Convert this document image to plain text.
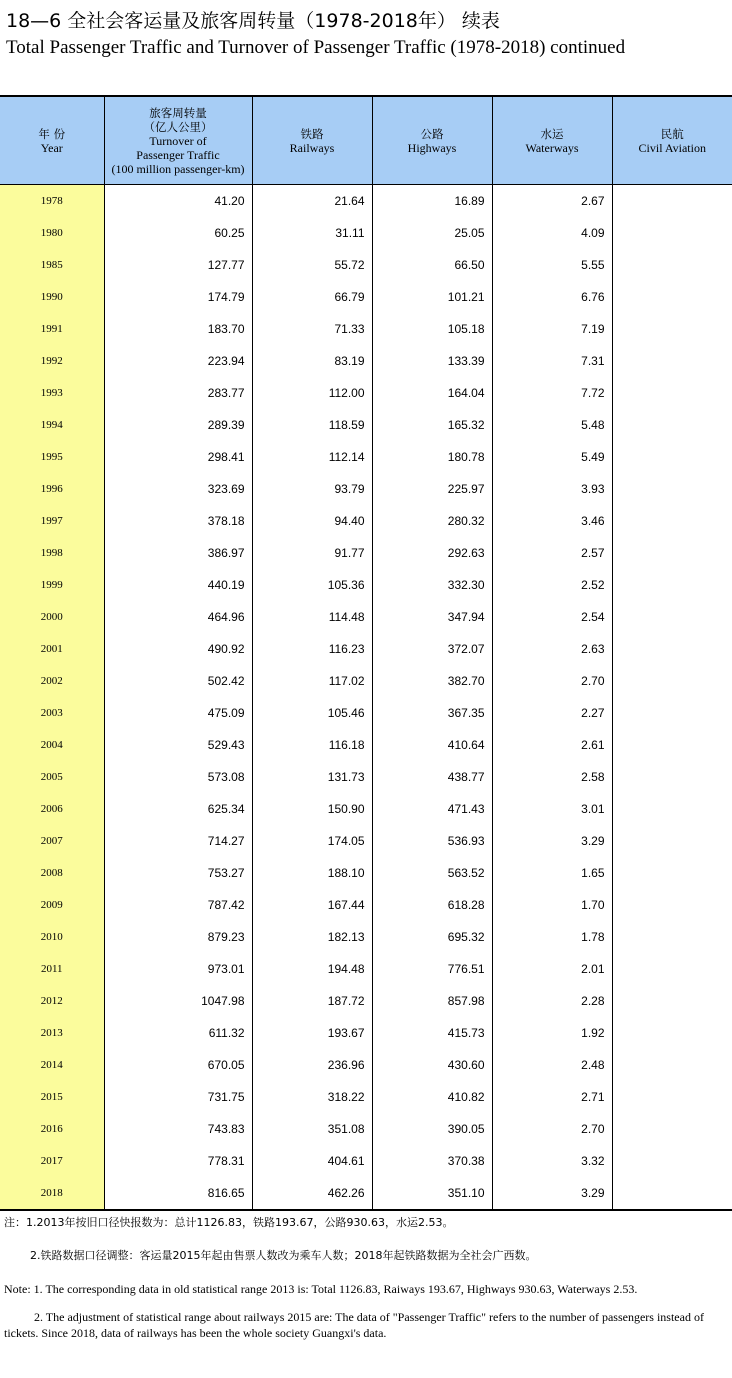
18—6 全社会客运量及旅客周转量（1978-2018年） 续表
Total Passenger Traffic and Turnover of Passenger Traffic (1978-2018) continued
年 份
Year	旅客周转量
（亿人公里）
Turnover of
Passenger Traffic
(100 million passenger-km)	铁路
Railways	公路
Highways	水运
Waterways	民航
Civil Aviation

1978	41.20	21.64	16.89	2.67	
1980	60.25	31.11	25.05	4.09	
1985	127.77	55.72	66.50	5.55	
1990	174.79	66.79	101.21	6.76	
1991	183.70	71.33	105.18	7.19	
1992	223.94	83.19	133.39	7.31	
1993	283.77	112.00	164.04	7.72	
1994	289.39	118.59	165.32	5.48	
1995	298.41	112.14	180.78	5.49	
1996	323.69	93.79	225.97	3.93	
1997	378.18	94.40	280.32	3.46	
1998	386.97	91.77	292.63	2.57	
1999	440.19	105.36	332.30	2.52	
2000	464.96	114.48	347.94	2.54	
2001	490.92	116.23	372.07	2.63	
2002	502.42	117.02	382.70	2.70	
2003	475.09	105.46	367.35	2.27	
2004	529.43	116.18	410.64	2.61	
2005	573.08	131.73	438.77	2.58	
2006	625.34	150.90	471.43	3.01	
2007	714.27	174.05	536.93	3.29	
2008	753.27	188.10	563.52	1.65	
2009	787.42	167.44	618.28	1.70	
2010	879.23	182.13	695.32	1.78	
2011	973.01	194.48	776.51	2.01	
2012	1047.98	187.72	857.98	2.28	
2013	611.32	193.67	415.73	1.92	
2014	670.05	236.96	430.60	2.48	
2015	731.75	318.22	410.82	2.71	
2016	743.83	351.08	390.05	2.70	
2017	778.31	404.61	370.38	3.32	
2018	816.65	462.26	351.10	3.29	
注：1.2013年按旧口径快报数为：总计1126.83，铁路193.67，公路930.63，水运2.53。
2.铁路数据口径调整：客运量2015年起由售票人数改为乘车人数；2018年起铁路数据为全社会广西数。
Note: 1. The corresponding data in old statistical range 2013 is: Total 1126.83, Raiways 193.67, Highways 930.63, Waterways 2.53.
2. The adjustment of statistical range about railways 2015 are: The data of "Passenger Traffic" refers to the number of passengers instead of tickets. Since 2018, data of railways has been the whole society Guangxi's data.
